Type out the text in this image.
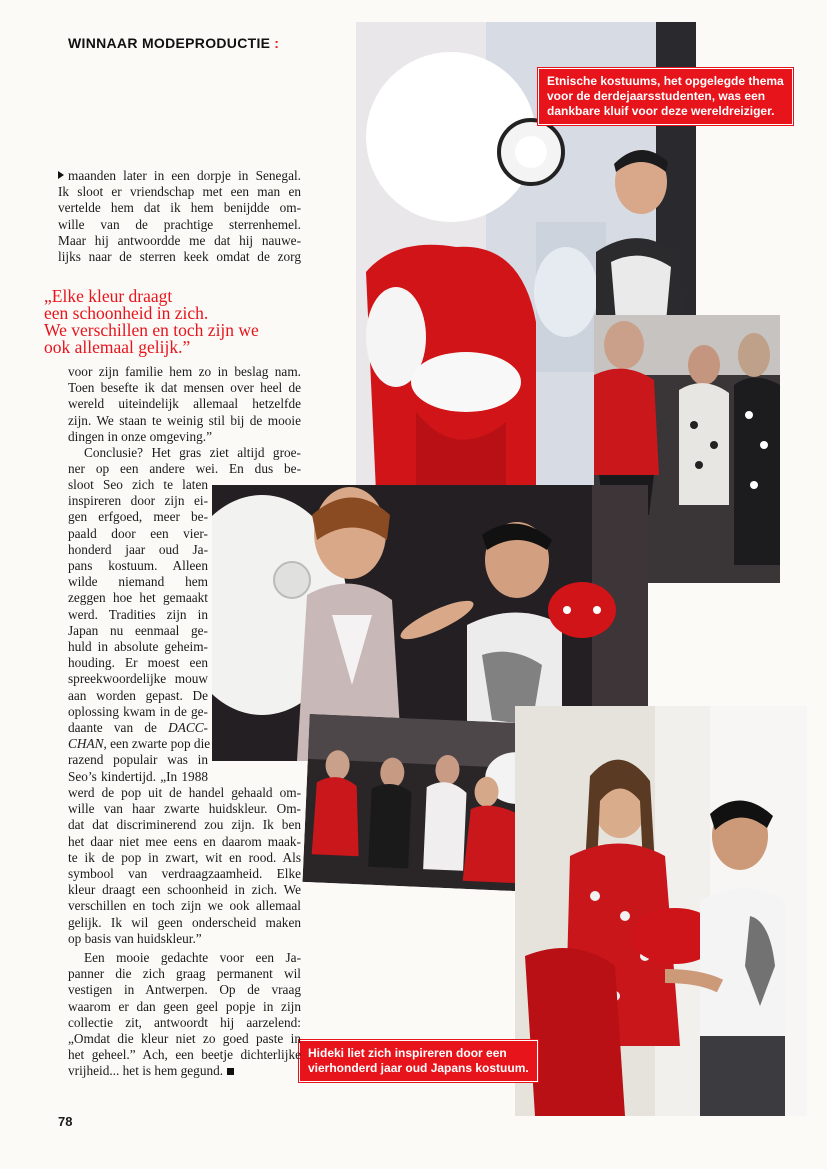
WINNAAR MODEPRODUCTIE :
Etnische kostuums, het opgelegde thema
voor de derdejaarsstudenten, was een
dankbare kluif voor deze wereldreiziger.
Hideki liet zich inspireren door een
vierhonderd jaar oud Japans kostuum.
maanden later in een dorpje in Senegal.
Ik sloot er vriendschap met een man en
vertelde hem dat ik hem benijdde om-
wille van de prachtige sterrenhemel.
Maar hij antwoordde me dat hij nauwe-
lijks naar de sterren keek omdat de zorg
„Elke kleur draagt
een schoonheid in zich.
We verschillen en toch zijn we
ook allemaal gelijk.”
voor zijn familie hem zo in beslag nam.
Toen besefte ik dat mensen over heel de
wereld uiteindelijk allemaal hetzelfde
zijn. We staan te weinig stil bij de mooie
dingen in onze omgeving.”
Conclusie? Het gras ziet altijd groe-
ner op een andere wei. En dus be-
sloot Seo zich te laten
inspireren door zijn ei-
gen erfgoed, meer be-
paald door een vier-
honderd jaar oud Ja-
pans kostuum. Alleen
wilde niemand hem
zeggen hoe het gemaakt
werd. Tradities zijn in
Japan nu eenmaal ge-
huld in absolute geheim-
houding. Er moest een
spreekwoordelijke mouw
aan worden gepast. De
oplossing kwam in de ge-
daante van de DACC-
CHAN, een zwarte pop die
razend populair was in
Seo’s kindertijd. „In 1988
werd de pop uit de handel gehaald om-
wille van haar zwarte huidskleur. Om-
dat dat discriminerend zou zijn. Ik ben
het daar niet mee eens en daarom maak-
te ik de pop in zwart, wit en rood. Als
symbool van verdraagzaamheid. Elke
kleur draagt een schoonheid in zich. We
verschillen en toch zijn we ook allemaal
gelijk. Ik wil geen onderscheid maken
op basis van huidskleur.”
Een mooie gedachte voor een Ja-
panner die zich graag permanent wil
vestigen in Antwerpen. Op de vraag
waarom er dan geen geel popje in zijn
collectie zit, antwoordt hij aarzelend:
„Omdat die kleur niet zo goed paste in
het geheel.” Ach, een beetje dichterlijke
vrijheid... het is hem gegund.
78
